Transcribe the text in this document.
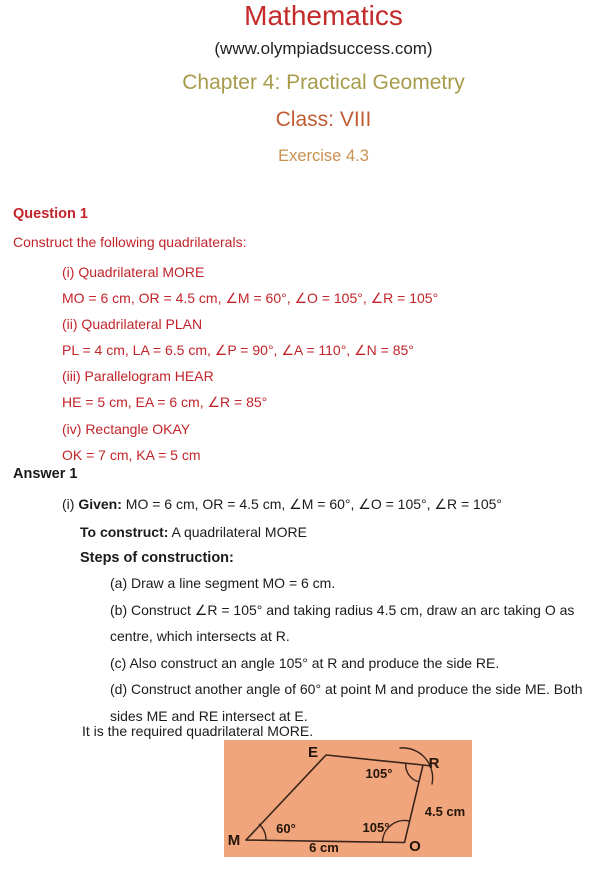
Mathematics
(www.olympiadsuccess.com)
Chapter 4: Practical Geometry
Class: VIII
Exercise 4.3
Question 1
Construct the following quadrilaterals:
(i) Quadrilateral MORE
MO = 6 cm, OR = 4.5 cm, ∠M = 60°, ∠O = 105°, ∠R = 105°
(ii) Quadrilateral PLAN
PL = 4 cm, LA = 6.5 cm, ∠P = 90°, ∠A = 110°, ∠N = 85°
(iii) Parallelogram HEAR
HE = 5 cm, EA = 6 cm, ∠R = 85°
(iv) Rectangle OKAY
OK = 7 cm, KA = 5 cm
Answer 1
(i) Given: MO = 6 cm, OR = 4.5 cm, ∠M = 60°, ∠O = 105°, ∠R = 105°
To construct: A quadrilateral MORE
Steps of construction:
(a) Draw a line segment MO = 6 cm.
(b) Construct ∠R = 105° and taking radius 4.5 cm, draw an arc taking O as
centre, which intersects at R.
(c) Also construct an angle 105° at R and produce the side RE.
(d) Construct another angle of 60° at point M and produce the side ME. Both
sides ME and RE intersect at E.
It is the required quadrilateral MORE.
E
R
M	O
105°
4.5 cm
60°	105°
6 cm
